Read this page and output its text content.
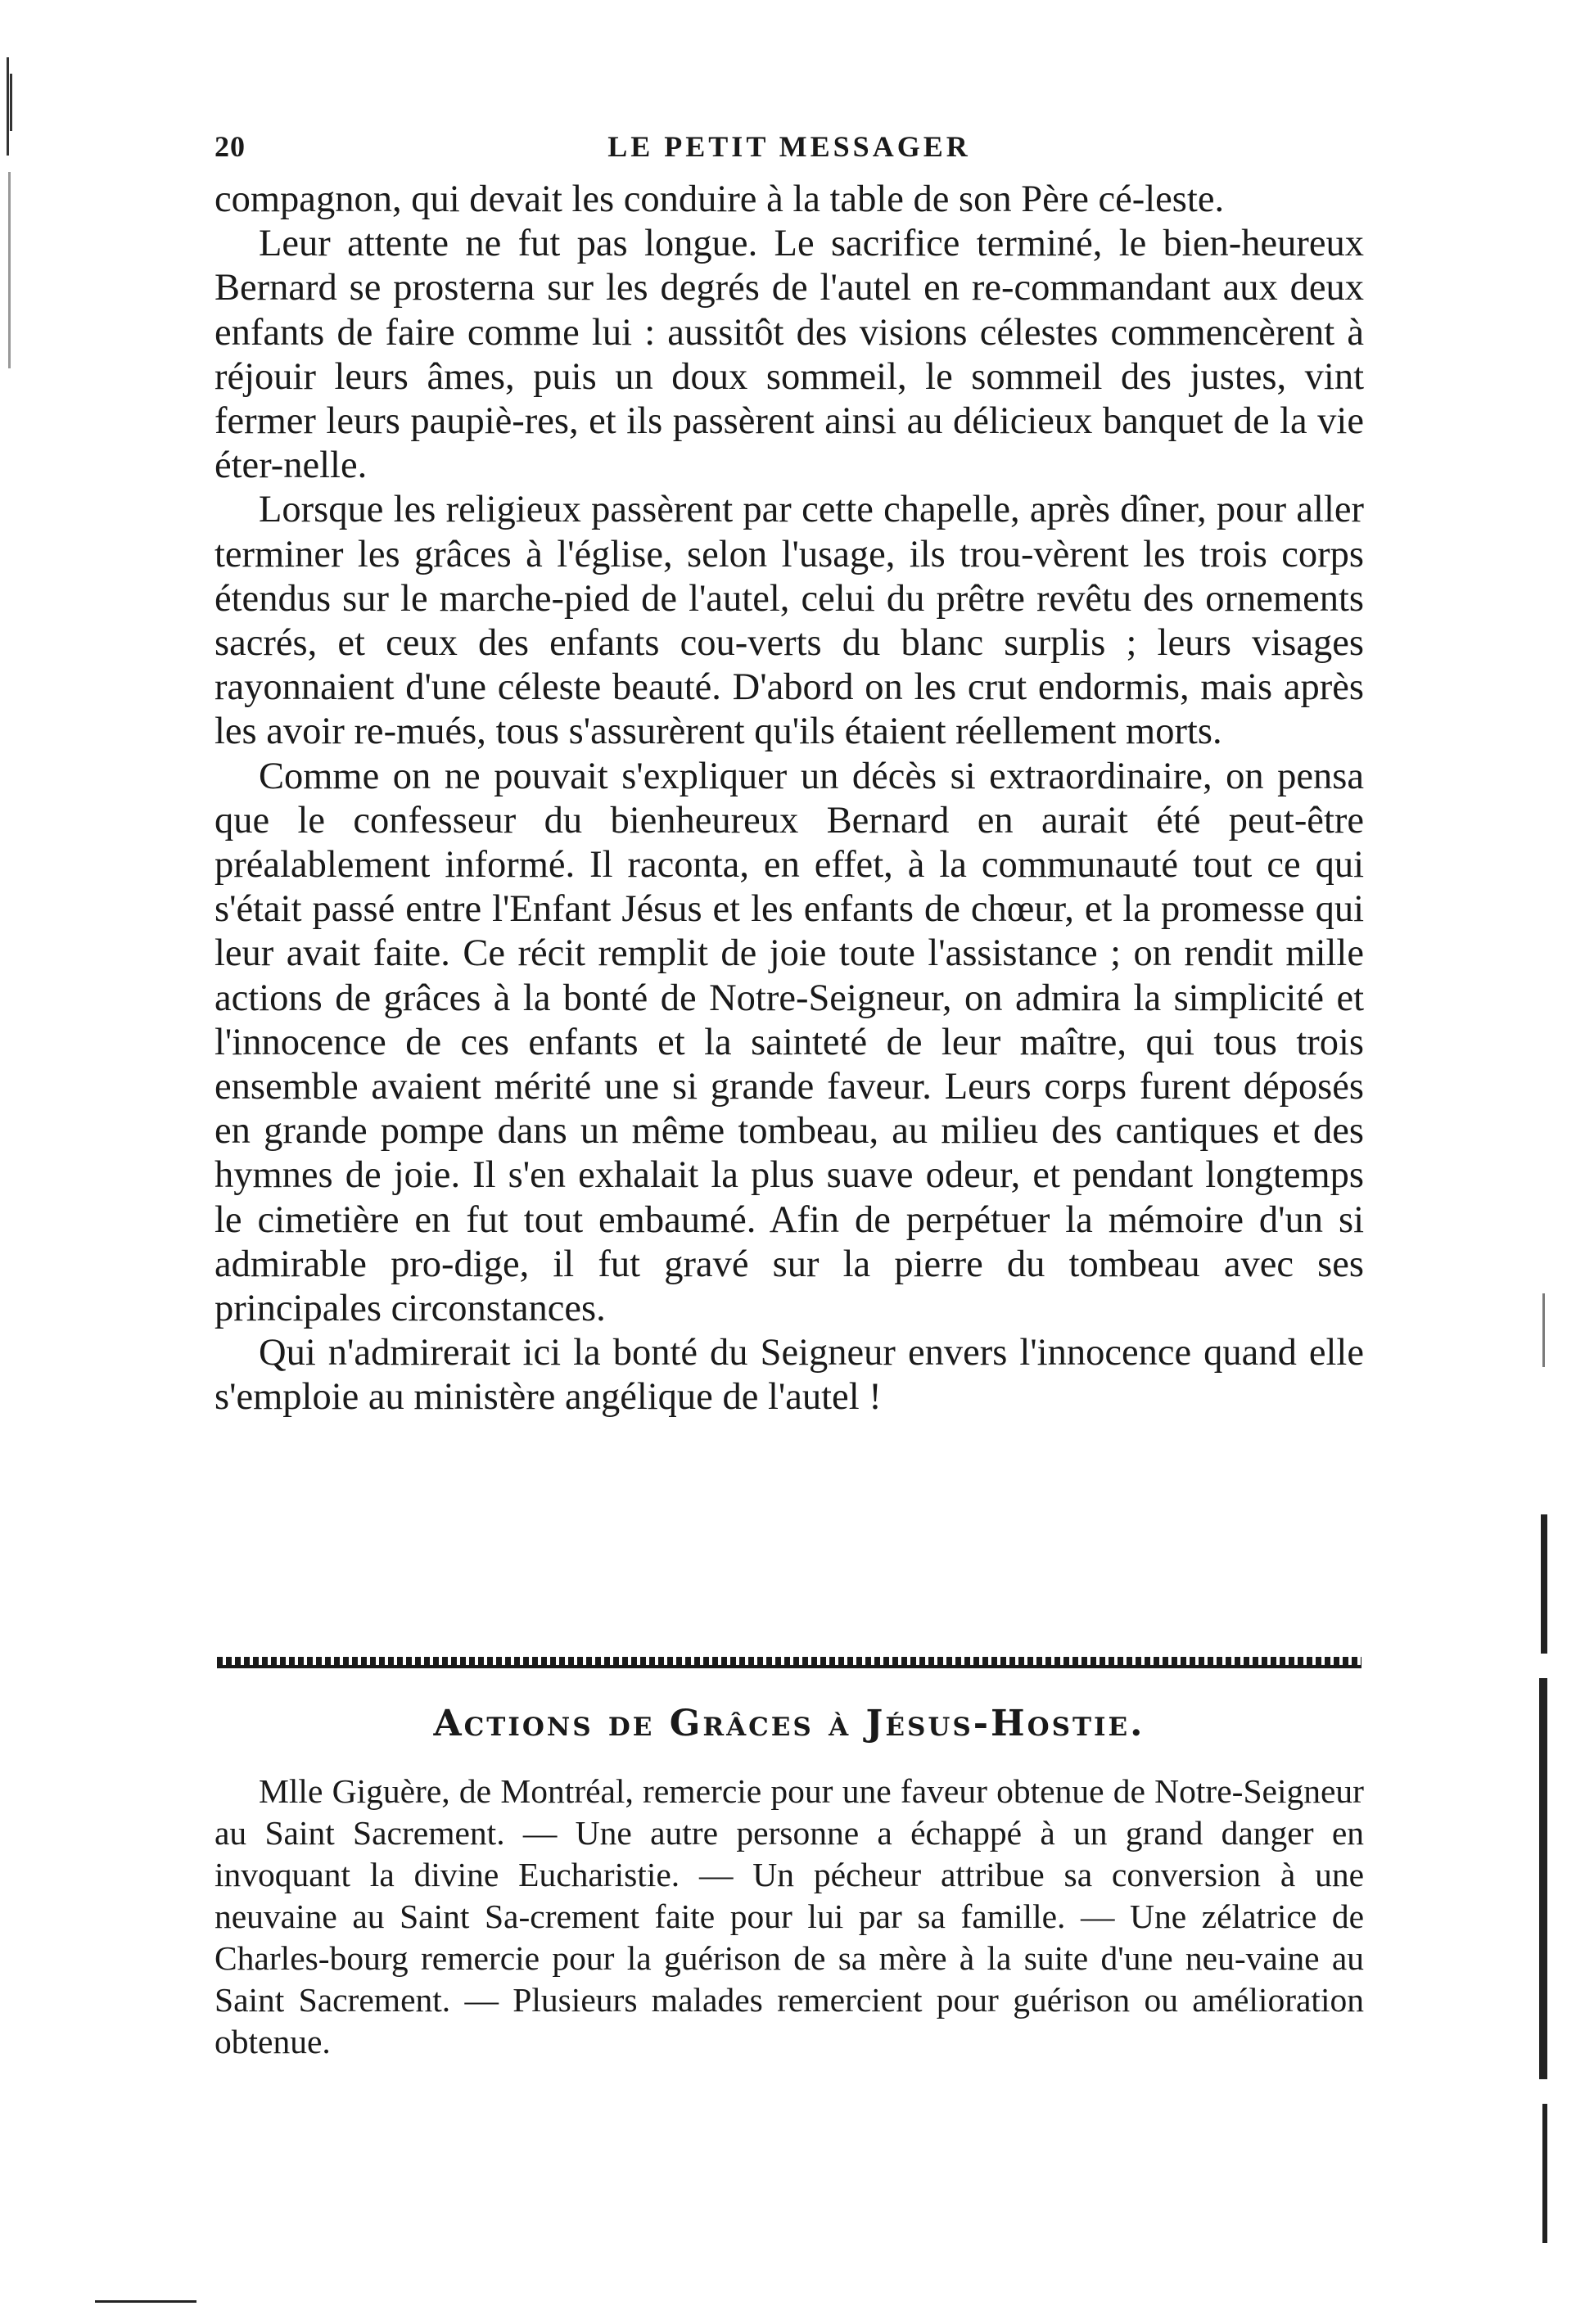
20	LE PETIT MESSAGER

compagnon, qui devait les conduire à la table de son Père cé-leste.

Leur attente ne fut pas longue. Le sacrifice terminé, le bien-heureux Bernard se prosterna sur les degrés de l'autel en re-commandant aux deux enfants de faire comme lui : aussitôt des visions célestes commencèrent à réjouir leurs âmes, puis un doux sommeil, le sommeil des justes, vint fermer leurs paupiè-res, et ils passèrent ainsi au délicieux banquet de la vie éter-nelle.

Lorsque les religieux passèrent par cette chapelle, après dîner, pour aller terminer les grâces à l'église, selon l'usage, ils trou-vèrent les trois corps étendus sur le marche-pied de l'autel, celui du prêtre revêtu des ornements sacrés, et ceux des enfants cou-verts du blanc surplis ; leurs visages rayonnaient d'une céleste beauté. D'abord on les crut endormis, mais après les avoir re-mués, tous s'assurèrent qu'ils étaient réellement morts.

Comme on ne pouvait s'expliquer un décès si extraordinaire, on pensa que le confesseur du bienheureux Bernard en aurait été peut-être préalablement informé. Il raconta, en effet, à la communauté tout ce qui s'était passé entre l'Enfant Jésus et les enfants de chœur, et la promesse qui leur avait faite. Ce récit remplit de joie toute l'assistance ; on rendit mille actions de grâces à la bonté de Notre-Seigneur, on admira la simplicité et l'innocence de ces enfants et la sainteté de leur maître, qui tous trois ensemble avaient mérité une si grande faveur. Leurs corps furent déposés en grande pompe dans un même tombeau, au milieu des cantiques et des hymnes de joie. Il s'en exhalait la plus suave odeur, et pendant longtemps le cimetière en fut tout embaumé. Afin de perpétuer la mémoire d'un si admirable pro-dige, il fut gravé sur la pierre du tombeau avec ses principales circonstances.

Qui n'admirerait ici la bonté du Seigneur envers l'innocence quand elle s'emploie au ministère angélique de l'autel !

Actions de Grâces à Jésus-Hostie.

Mlle Giguère, de Montréal, remercie pour une faveur obtenue de Notre-Seigneur au Saint Sacrement. — Une autre personne a échappé à un grand danger en invoquant la divine Eucharistie. — Un pécheur attribue sa conversion à une neuvaine au Saint Sa-crement faite pour lui par sa famille. — Une zélatrice de Charles-bourg remercie pour la guérison de sa mère à la suite d'une neu-vaine au Saint Sacrement. — Plusieurs malades remercient pour guérison ou amélioration obtenue.
